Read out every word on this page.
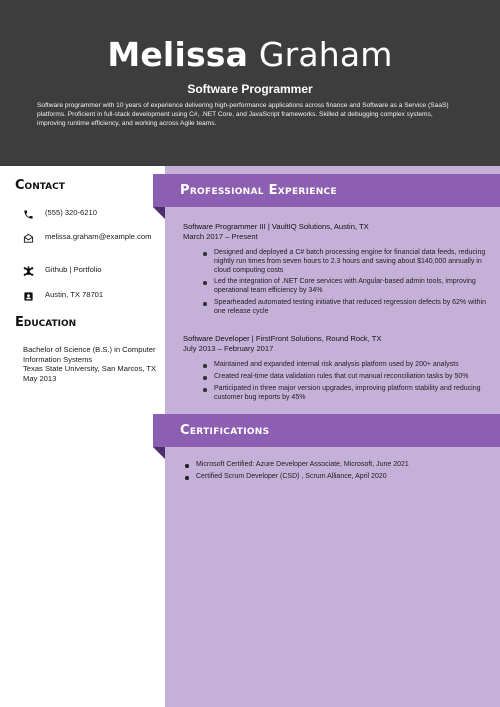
Melissa Graham
Software Programmer
Software programmer with 10 years of experience delivering high-performance applications across finance and Software as a Service (SaaS) platforms. Proficient in full-stack development using C#, .NET Core, and JavaScript frameworks. Skilled at debugging complex systems, improving runtime efficiency, and working across Agile teams.
Contact
(555) 320-6210
melissa.graham@example.com
Github | Portfolio
Austin, TX 78701
Education
Bachelor of Science (B.S.) in Computer Information Systems
Texas State University, San Marcos, TX
May 2013
Professional Experience
Software Programmer III | VaultIQ Solutions, Austin, TX
March 2017 – Present
Designed and deployed a C# batch processing engine for financial data feeds, reducing nightly run times from seven hours to 2.3 hours and saving about $140,000 annually in cloud computing costs
Led the integration of .NET Core services with Angular-based admin tools, improving operational team efficiency by 34%
Spearheaded automated testing initiative that reduced regression defects by 62% within one release cycle
Software Developer | FirstFront Solutions, Round Rock, TX
July 2013 – February 2017
Maintained and expanded internal risk analysis platform used by 200+ analysts
Created real-time data validation rules that cut manual reconciliation tasks by 50%
Participated in three major version upgrades, improving platform stability and reducing customer bug reports by 45%
Certifications
Microsoft Certified: Azure Developer Associate, Microsoft, June 2021
Certified Scrum Developer (CSD) , Scrum Alliance, April 2020
